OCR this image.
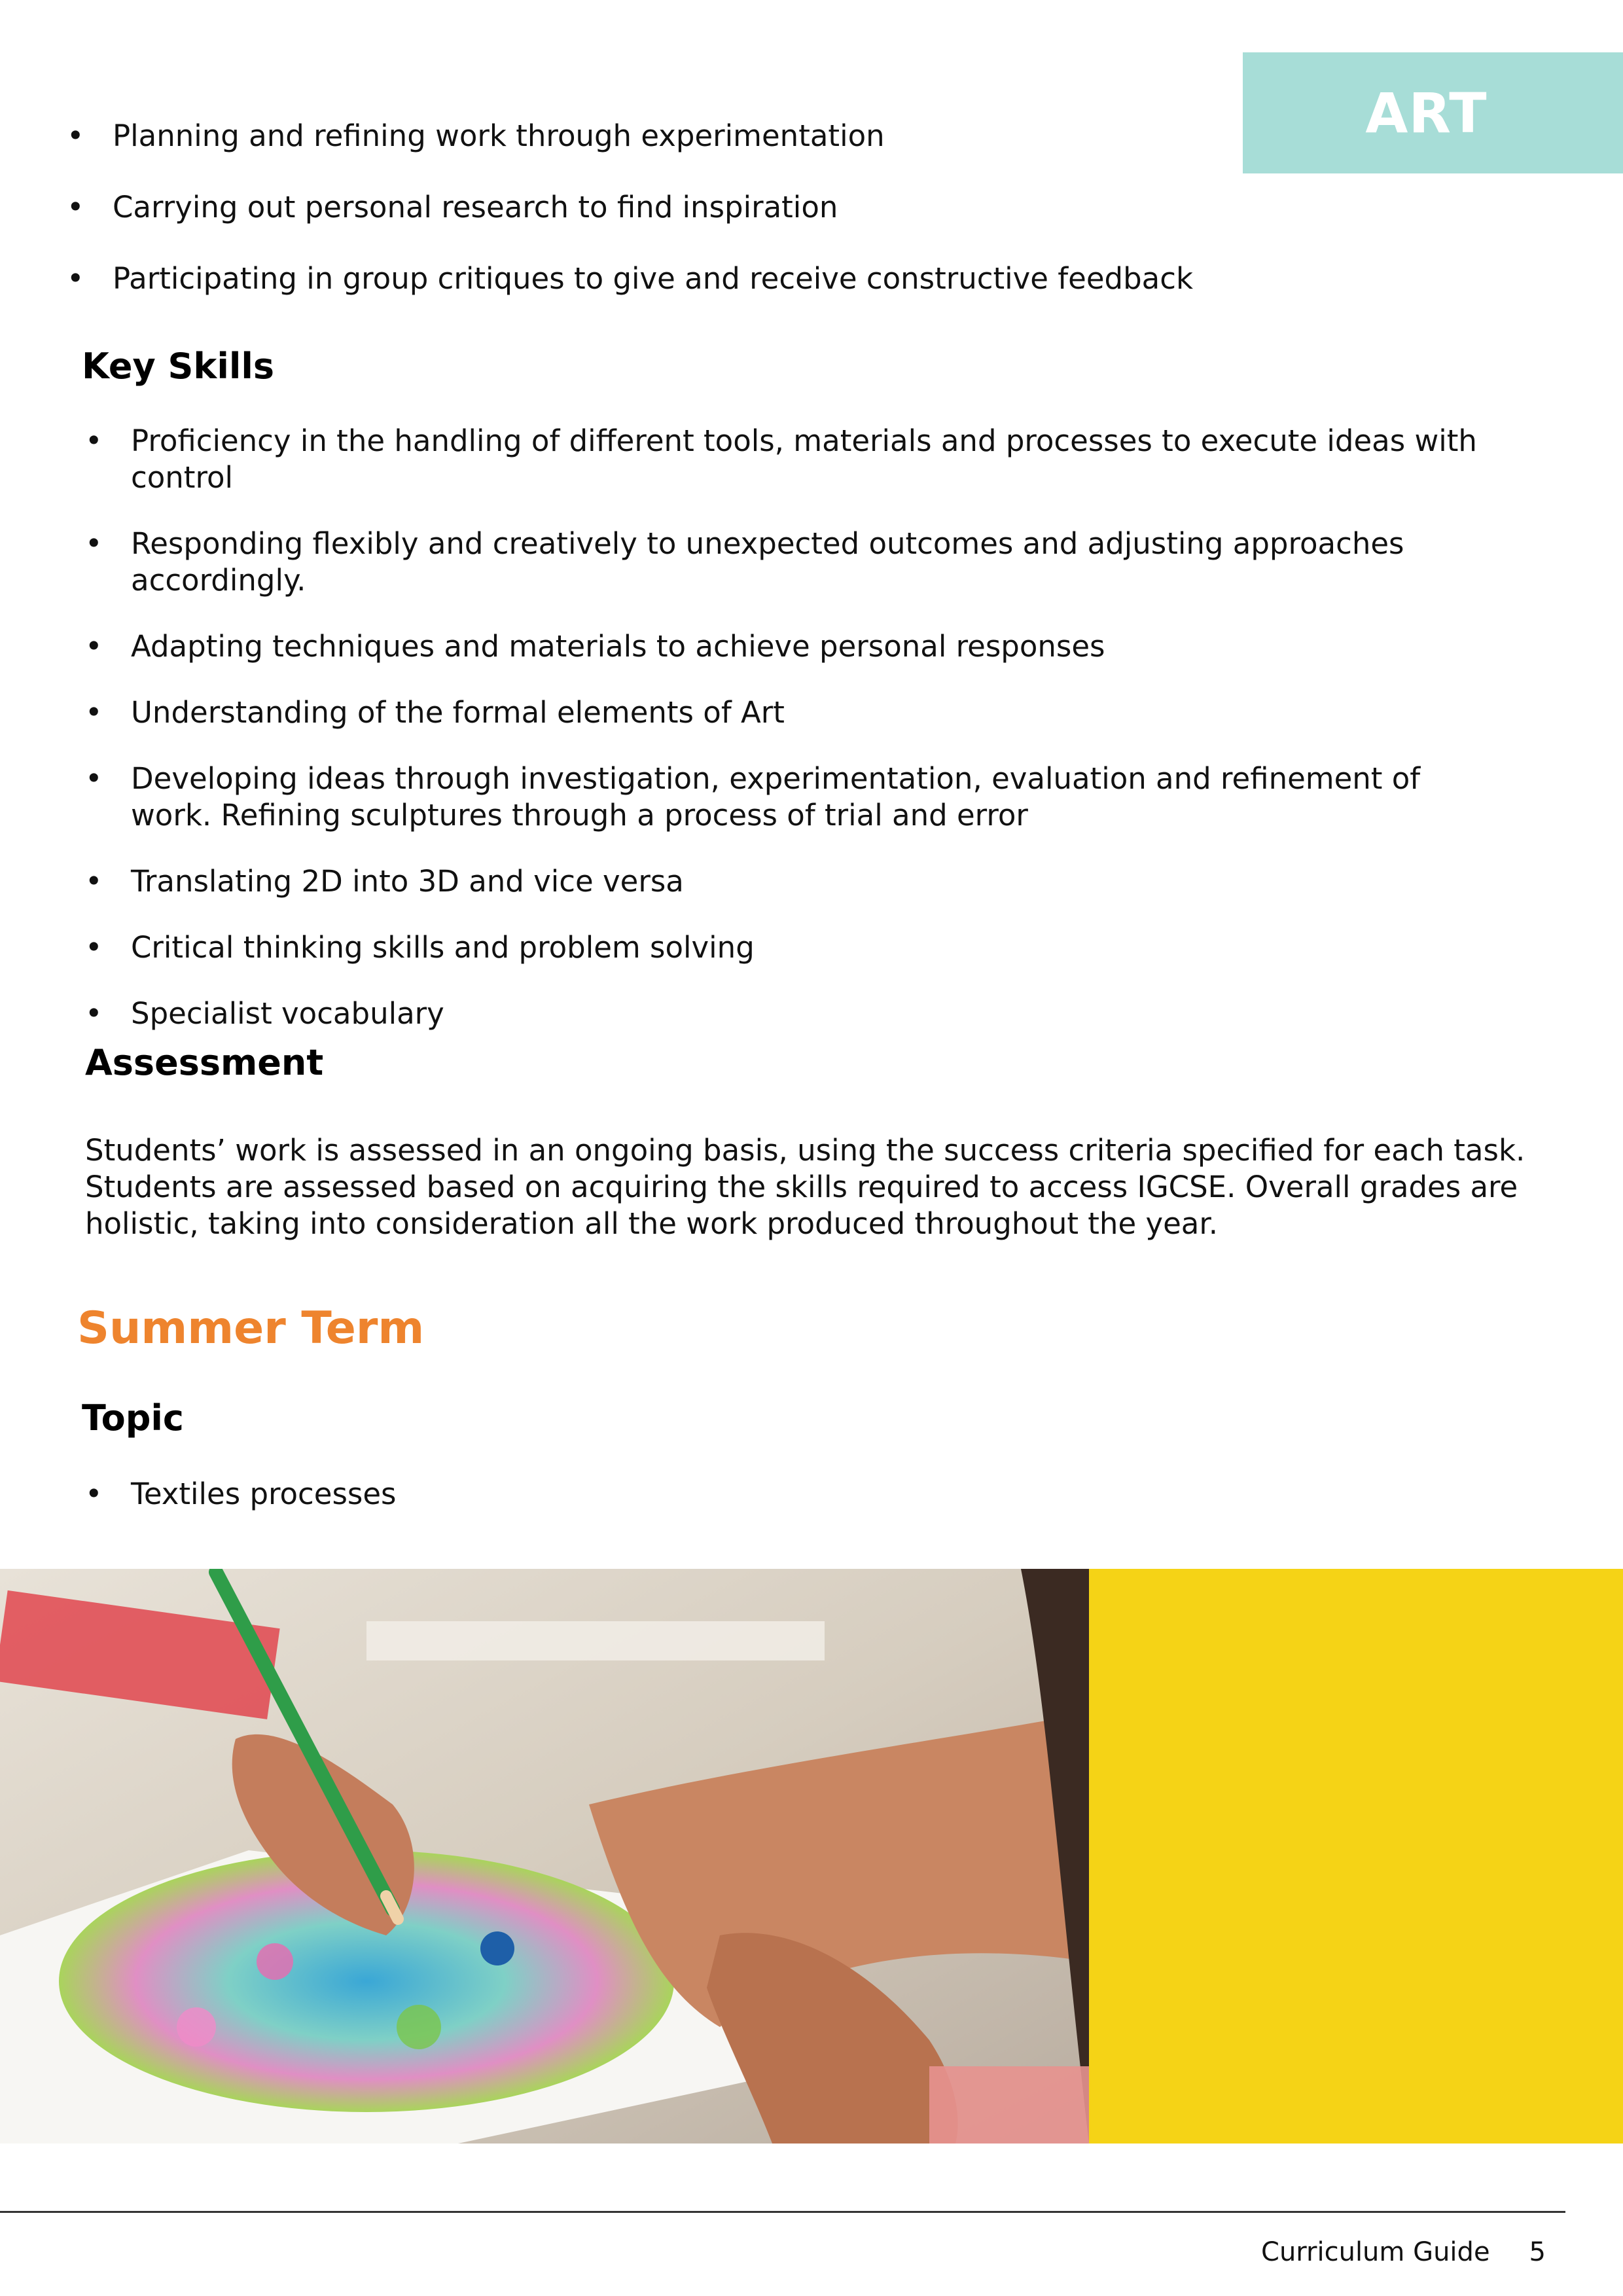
ART
• Planning and refining work through experimentation
• Carrying out personal research to find inspiration
• Participating in group critiques to give and receive constructive feedback
Key Skills
• Proficiency in the handling of different tools, materials and processes to execute ideas with control
• Responding flexibly and creatively to unexpected outcomes and adjusting approaches accordingly.
• Adapting techniques and materials to achieve personal responses
• Understanding of the formal elements of Art
• Developing ideas through investigation, experimentation, evaluation and refinement of work. Refining sculptures through a process of trial and error
• Translating 2D into 3D and vice versa
• Critical thinking skills and problem solving
• Specialist vocabulary
Assessment

Students’ work is assessed in an ongoing basis, using the success criteria specified for each task. Students are assessed based on acquiring the skills required to access IGCSE. Overall grades are holistic, taking into consideration all the work produced throughout the year.

Summer Term
Topic
• Textiles processes
Curriculum Guide 5
